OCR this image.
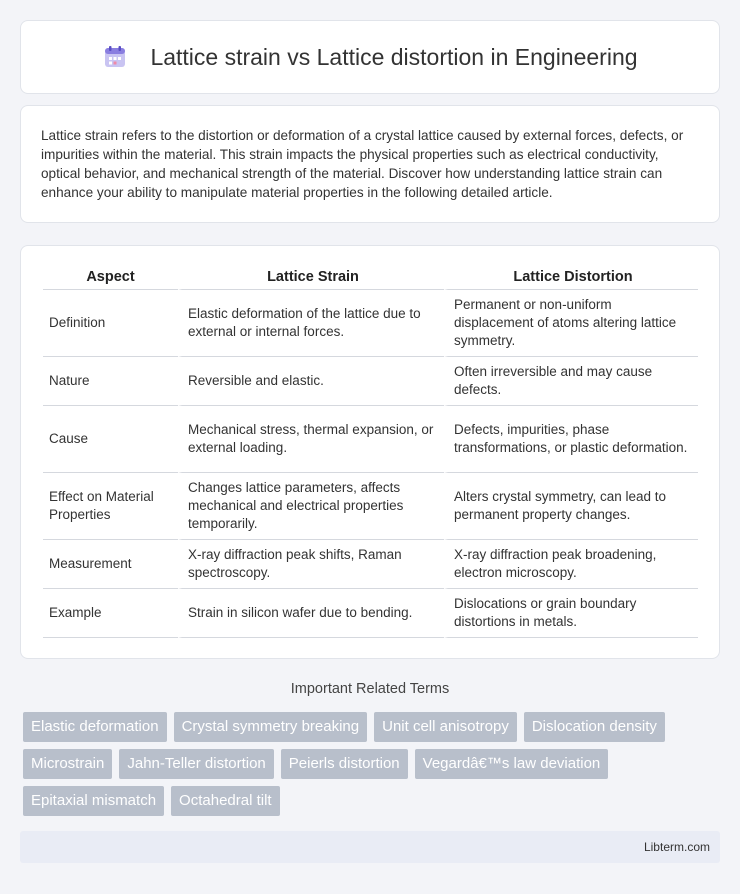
Lattice strain vs Lattice distortion in Engineering

Lattice strain refers to the distortion or deformation of a crystal lattice caused by external forces, defects, or impurities within the material. This strain impacts the physical properties such as electrical conductivity, optical behavior, and mechanical strength of the material. Discover how understanding lattice strain can enhance your ability to manipulate material properties in the following detailed article.

Aspect	Lattice Strain	Lattice Distortion
Definition	Elastic deformation of the lattice due to external or internal forces.	Permanent or non-uniform displacement of atoms altering lattice symmetry.
Nature	Reversible and elastic.	Often irreversible and may cause defects.
Cause	Mechanical stress, thermal expansion, or external loading.	Defects, impurities, phase transformations, or plastic deformation.
Effect on Material Properties	Changes lattice parameters, affects mechanical and electrical properties temporarily.	Alters crystal symmetry, can lead to permanent property changes.
Measurement	X-ray diffraction peak shifts, Raman spectroscopy.	X-ray diffraction peak broadening, electron microscopy.
Example	Strain in silicon wafer due to bending.	Dislocations or grain boundary distortions in metals.
Important Related Terms
Elastic deformation	Crystal symmetry breaking	Unit cell anisotropy	Dislocation density
Microstrain	Jahn-Teller distortion	Peierls distortion	Vegardâ€™s law deviation
Epitaxial mismatch	Octahedral tilt
Libterm.com
